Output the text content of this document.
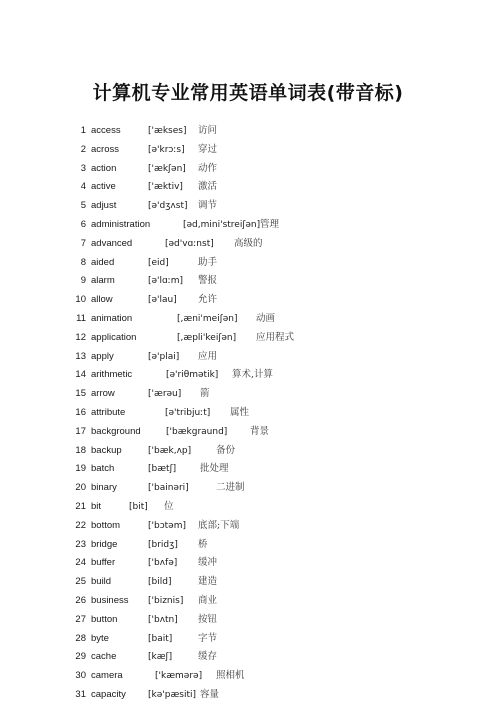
计算机专业常用英语单词表(带音标)
1 access	['ækses] 访问
2 across	[ə'krɔːs] 穿过
3 action	['ækʃən] 动作
4 active	['æktiv] 激活
5 adjust	[ə'dʒʌst] 调节
6 administration	[əd,mini'streiʃən] 管理
7 advanced	[əd'vɑːnst] 高级的
8 aided	[eid]	助手
9 alarm	[ə'lɑːm] 警报
10 allow	[ə'lau] 允许
11 animation	[,æni'meiʃən] 动画
12 application	[,æpli'keiʃən] 应用程式
13 apply	[ə'plai] 应用
14 arithmetic	[ə'riθmətik] 算术,计算
15 arrow	['ærəu] 箭
16 attribute	[ə'tribjuːt] 属性
17 background	['bækgraund] 背景
18 backup	['bæk,ʌp]	备份
19 batch	[bætʃ]	批处理
20 binary	['bainəri]	二进制
21 bit	[bit] 位
22 bottom	['bɔtəm] 底部;下端
23 bridge	[bridʒ] 桥
24 buffer	['bʌfə] 缓冲
25 build	[bild]	建造
26 business ['biznis] 商业
27 button	['bʌtn] 按钮
28 byte	[bait]	字节
29 cache	[kæʃ]	缓存
30 camera	['kæmərə] 照相机
31 capacity [kə'pæsiti] 容量
